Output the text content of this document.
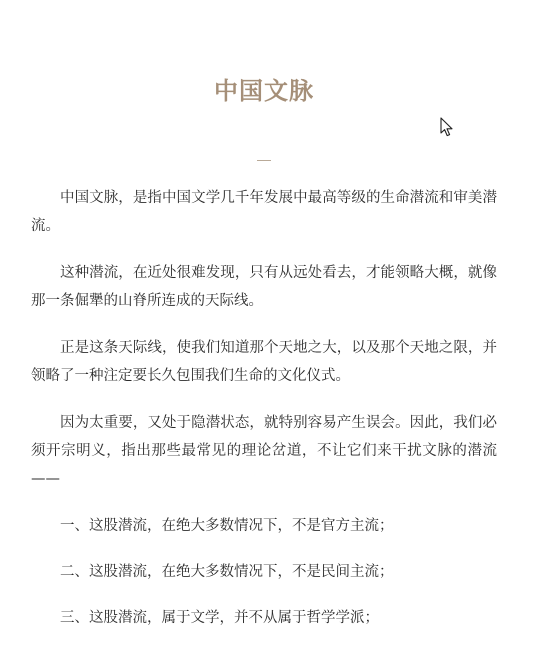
中国文脉

中国文脉，是指中国文学几千年发展中最高等级的生命潜流和审美潜流。

这种潜流，在近处很难发现，只有从远处看去，才能领略大概，就像那一条倔犟的山脊所连成的天际线。

正是这条天际线，使我们知道那个天地之大，以及那个天地之限，并领略了一种注定要长久包围我们生命的文化仪式。

因为太重要，又处于隐潜状态，就特别容易产生误会。因此，我们必须开宗明义，指出那些最常见的理论岔道，不让它们来干扰文脉的潜流——

一、这股潜流，在绝大多数情况下，不是官方主流；

二、这股潜流，在绝大多数情况下，不是民间主流；

三、这股潜流，属于文学，并不从属于哲学学派；
